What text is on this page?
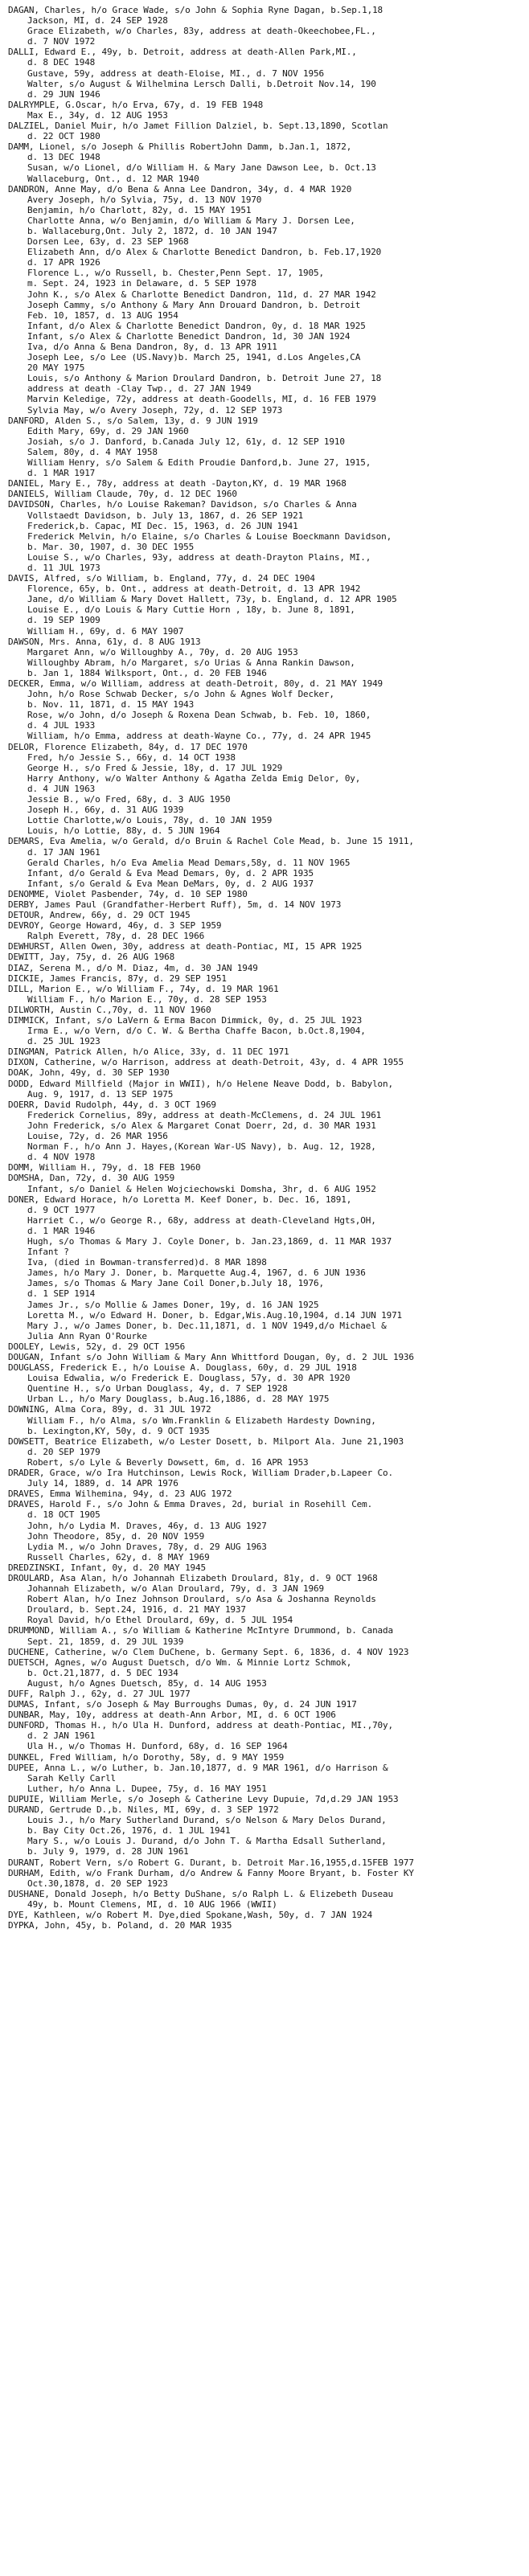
DAGAN, Charles, h/o Grace Wade, s/o John & Sophia Ryne Dagan, b.Sep.1,18
Jackson, MI, d. 24 SEP 1928
Grace Elizabeth, w/o Charles, 83y, address at death-Okeechobee,FL.,
d. 7 NOV 1972
DALLI, Edward E., 49y, b. Detroit, address at death-Allen Park,MI.,
d. 8 DEC 1948
Gustave, 59y, address at death-Eloise, MI., d. 7 NOV 1956
Walter, s/o August & Wilhelmina Lersch Dalli, b.Detroit Nov.14, 190
d. 29 JUN 1946
DALRYMPLE, G.Oscar, h/o Erva, 67y, d. 19 FEB 1948
Max E., 34y, d. 12 AUG 1953
DALZIEL, Daniel Muir, h/o Jamet Fillion Dalziel, b. Sept.13,1890, Scotlan
d. 22 OCT 1980
DAMM, Lionel, s/o Joseph & Phillis RobertJohn Damm, b.Jan.1, 1872,
d. 13 DEC 1948
Susan, w/o Lionel, d/o William H. & Mary Jane Dawson Lee, b. Oct.13
Wallaceburg, Ont., d. 12 MAR 1940
DANDRON, Anne May, d/o Bena & Anna Lee Dandron, 34y, d. 4 MAR 1920
Avery Joseph, h/o Sylvia, 75y, d. 13 NOV 1970
Benjamin, h/o Charlott, 82y, d. 15 MAY 1951
Charlotte Anna, w/o Benjamin, d/o William & Mary J. Dorsen Lee,
b. Wallaceburg,Ont. July 2, 1872, d. 10 JAN 1947
Dorsen Lee, 63y, d. 23 SEP 1968
Elizabeth Ann, d/o Alex & Charlotte Benedict Dandron, b. Feb.17,1920
d. 17 APR 1926
Florence L., w/o Russell, b. Chester,Penn Sept. 17, 1905,
m. Sept. 24, 1923 in Delaware, d. 5 SEP 1978
John K., s/o Alex & Charlotte Benedict Dandron, 11d, d. 27 MAR 1942
Joseph Cammy, s/o Anthony & Mary Ann Drouard Dandron, b. Detroit
Feb. 10, 1857, d. 13 AUG 1954
Infant, d/o Alex & Charlotte Benedict Dandron, 0y, d. 18 MAR 1925
Infant, s/o Alex & Charlotte Benedict Dandron, 1d, 30 JAN 1924
Iva, d/o Anna & Bena Dandron, 8y, d. 13 APR 1911
Joseph Lee, s/o Lee (US.Navy)b. March 25, 1941, d.Los Angeles,CA
20 MAY 1975
Louis, s/o Anthony & Marion Droulard Dandron, b. Detroit June 27, 18
address at death -Clay Twp., d. 27 JAN 1949
Marvin Keledige, 72y, address at death-Goodells, MI, d. 16 FEB 1979
Sylvia May, w/o Avery Joseph, 72y, d. 12 SEP 1973
DANFORD, Alden S., s/o Salem, 13y, d. 9 JUN 1919
Edith Mary, 69y, d. 29 JAN 1960
Josiah, s/o J. Danford, b.Canada July 12, 61y, d. 12 SEP 1910
Salem, 80y, d. 4 MAY 1958
William Henry, s/o Salem & Edith Proudie Danford,b. June 27, 1915,
d. 1 MAR 1917
DANIEL, Mary E., 78y, address at death -Dayton,KY, d. 19 MAR 1968
DANIELS, William Claude, 70y, d. 12 DEC 1960
DAVIDSON, Charles, h/o Louise Rakeman? Davidson, s/o Charles & Anna
Vollstaedt Davidson, b. July 13, 1867, d. 26 SEP 1921
Frederick,b. Capac, MI Dec. 15, 1963, d. 26 JUN 1941
Frederick Melvin, h/o Elaine, s/o Charles & Louise Boeckmann Davidson,
b. Mar. 30, 1907, d. 30 DEC 1955
Louise S., w/o Charles, 93y, address at death-Drayton Plains, MI.,
d. 11 JUL 1973
DAVIS, Alfred, s/o William, b. England, 77y, d. 24 DEC 1904
Florence, 65y, b. Ont., address at death-Detroit, d. 13 APR 1942
Jane, d/o William & Mary Dovet Hallett, 73y, b. England, d. 12 APR 1905
Louise E., d/o Louis & Mary Cuttie Horn , 18y, b. June 8, 1891,
d. 19 SEP 1909
William H., 69y, d. 6 MAY 1907
DAWSON, Mrs. Anna, 61y, d. 8 AUG 1913
Margaret Ann, w/o Willoughby A., 70y, d. 20 AUG 1953
Willoughby Abram, h/o Margaret, s/o Urias & Anna Rankin Dawson,
b. Jan 1, 1884 Wilksport, Ont., d. 20 FEB 1946
DECKER, Emma, w/o William, address at death-Detroit, 80y, d. 21 MAY 1949
John, h/o Rose Schwab Decker, s/o John & Agnes Wolf Decker,
b. Nov. 11, 1871, d. 15 MAY 1943
Rose, w/o John, d/o Joseph & Roxena Dean Schwab, b. Feb. 10, 1860,
d. 4 JUL 1933
William, h/o Emma, address at death-Wayne Co., 77y, d. 24 APR 1945
DELOR, Florence Elizabeth, 84y, d. 17 DEC 1970
Fred, h/o Jessie S., 66y, d. 14 OCT 1938
George H., s/o Fred & Jessie, 18y, d. 17 JUL 1929
Harry Anthony, w/o Walter Anthony & Agatha Zelda Emig Delor, 0y,
d. 4 JUN 1963
Jessie B., w/o Fred, 68y, d. 3 AUG 1950
Joseph H., 66y, d. 31 AUG 1939
Lottie Charlotte,w/o Louis, 78y, d. 10 JAN 1959
Louis, h/o Lottie, 88y, d. 5 JUN 1964
DEMARS, Eva Amelia, w/o Gerald, d/o Bruin & Rachel Cole Mead, b. June 15 1911,
d. 17 JAN 1961
Gerald Charles, h/o Eva Amelia Mead Demars,58y, d. 11 NOV 1965
Infant, d/o Gerald & Eva Mead Demars, 0y, d. 2 APR 1935
Infant, s/o Gerald & Eva Mean DeMars, 0y, d. 2 AUG 1937
DENOMME, Violet Pasbender, 74y, d. 10 SEP 1980
DERBY, James Paul (Grandfather-Herbert Ruff), 5m, d. 14 NOV 1973
DETOUR, Andrew, 66y, d. 29 OCT 1945
DEVROY, George Howard, 46y, d. 3 SEP 1959
Ralph Everett, 78y, d. 28 DEC 1966
DEWHURST, Allen Owen, 30y, address at death-Pontiac, MI, 15 APR 1925
DEWITT, Jay, 75y, d. 26 AUG 1968
DIAZ, Serena M., d/o M. Diaz, 4m, d. 30 JAN 1949
DICKIE, James Francis, 87y, d. 29 SEP 1951
DILL, Marion E., w/o William F., 74y, d. 19 MAR 1961
William F., h/o Marion E., 70y, d. 28 SEP 1953
DILWORTH, Austin C.,70y, d. 11 NOV 1960
DIMMICK, Infant, s/o LaVern & Erma Bacon Dimmick, 0y, d. 25 JUL 1923
Irma E., w/o Vern, d/o C. W. & Bertha Chaffe Bacon, b.Oct.8,1904,
d. 25 JUL 1923
DINGMAN, Patrick Allen, h/o Alice, 33y, d. 11 DEC 1971
DIXON, Catherine, w/o Harrison, address at death-Detroit, 43y, d. 4 APR 1955
DOAK, John, 49y, d. 30 SEP 1930
DODD, Edward Millfield (Major in WWII), h/o Helene Neave Dodd, b. Babylon,
Aug. 9, 1917, d. 13 SEP 1975
DOERR, David Rudolph, 44y, d. 3 OCT 1969
Frederick Cornelius, 89y, address at death-McClemens, d. 24 JUL 1961
John Frederick, s/o Alex & Margaret Conat Doerr, 2d, d. 30 MAR 1931
Louise, 72y, d. 26 MAR 1956
Norman F., h/o Ann J. Hayes,(Korean War-US Navy), b. Aug. 12, 1928,
d. 4 NOV 1978
DOMM, William H., 79y, d. 18 FEB 1960
DOMSHA, Dan, 72y, d. 30 AUG 1959
Infant, s/o Daniel & Helen Wojciechowski Domsha, 3hr, d. 6 AUG 1952
DONER, Edward Horace, h/o Loretta M. Keef Doner, b. Dec. 16, 1891,
d. 9 OCT 1977
Harriet C., w/o George R., 68y, address at death-Cleveland Hgts,OH,
d. 1 MAR 1946
Hugh, s/o Thomas & Mary J. Coyle Doner, b. Jan.23,1869, d. 11 MAR 1937
Infant ?
Iva, (died in Bowman-transferred)d. 8 MAR 1898
James, h/o Mary J. Doner, b. Marquette Aug.4, 1967, d. 6 JUN 1936
James, s/o Thomas & Mary Jane Coil Doner,b.July 18, 1976,
d. 1 SEP 1914
James Jr., s/o Mollie & James Doner, 19y, d. 16 JAN 1925
Loretta M., w/o Edward H. Doner, b. Edgar,Wis.Aug.10,1904, d.14 JUN 1971
Mary J., w/o James Doner, b. Dec.11,1871, d. 1 NOV 1949,d/o Michael &
Julia Ann Ryan O'Rourke
DOOLEY, Lewis, 52y, d. 29 OCT 1956
DOUGAN, Infant s/o John William & Mary Ann Whittford Dougan, 0y, d. 2 JUL 1936
DOUGLASS, Frederick E., h/o Louise A. Douglass, 60y, d. 29 JUL 1918
Louisa Edwalia, w/o Frederick E. Douglass, 57y, d. 30 APR 1920
Quentine H., s/o Urban Douglass, 4y, d. 7 SEP 1928
Urban L., h/o Mary Douglass, b.Aug.16,1886, d. 28 MAY 1975
DOWNING, Alma Cora, 89y, d. 31 JUL 1972
William F., h/o Alma, s/o Wm.Franklin & Elizabeth Hardesty Downing,
b. Lexington,KY, 50y, d. 9 OCT 1935
DOWSETT, Beatrice Elizabeth, w/o Lester Dosett, b. Milport Ala. June 21,1903
d. 20 SEP 1979
Robert, s/o Lyle & Beverly Dowsett, 6m, d. 16 APR 1953
DRADER, Grace, w/o Ira Hutchinson, Lewis Rock, William Drader,b.Lapeer Co.
July 14, 1889, d. 14 APR 1976
DRAVES, Emma Wilhemina, 94y, d. 23 AUG 1972
DRAVES, Harold F., s/o John & Emma Draves, 2d, burial in Rosehill Cem.
d. 18 OCT 1905
John, h/o Lydia M. Draves, 46y, d. 13 AUG 1927
John Theodore, 85y, d. 20 NOV 1959
Lydia M., w/o John Draves, 78y, d. 29 AUG 1963
Russell Charles, 62y, d. 8 MAY 1969
DREDZINSKI, Infant, 0y, d. 20 MAY 1945
DROULARD, Asa Alan, h/o Johannah Elizabeth Droulard, 81y, d. 9 OCT 1968
Johannah Elizabeth, w/o Alan Droulard, 79y, d. 3 JAN 1969
Robert Alan, h/o Inez Johnson Droulard, s/o Asa & Joshanna Reynolds
Droulard, b. Sept.24, 1916, d. 21 MAY 1937
Royal David, h/o Ethel Droulard, 69y, d. 5 JUL 1954
DRUMMOND, William A., s/o William & Katherine McIntyre Drummond, b. Canada
Sept. 21, 1859, d. 29 JUL 1939
DUCHENE, Catherine, w/o Clem DuChene, b. Germany Sept. 6, 1836, d. 4 NOV 1923
DUETSCH, Agnes, w/o August Duetsch, d/o Wm. & Minnie Lortz Schmok,
b. Oct.21,1877, d. 5 DEC 1934
August, h/o Agnes Duetsch, 85y, d. 14 AUG 1953
DUFF, Ralph J., 62y, d. 27 JUL 1977
DUMAS, Infant, s/o Joseph & May Burroughs Dumas, 0y, d. 24 JUN 1917
DUNBAR, May, 10y, address at death-Ann Arbor, MI, d. 6 OCT 1906
DUNFORD, Thomas H., h/o Ula H. Dunford, address at death-Pontiac, MI.,70y,
d. 2 JAN 1961
Ula H., w/o Thomas H. Dunford, 68y, d. 16 SEP 1964
DUNKEL, Fred William, h/o Dorothy, 58y, d. 9 MAY 1959
DUPEE, Anna L., w/o Luther, b. Jan.10,1877, d. 9 MAR 1961, d/o Harrison &
Sarah Kelly Carll
Luther, h/o Anna L. Dupee, 75y, d. 16 MAY 1951
DUPUIE, William Merle, s/o Joseph & Catherine Levy Dupuie, 7d,d.29 JAN 1953
DURAND, Gertrude D.,b. Niles, MI, 69y, d. 3 SEP 1972
Louis J., h/o Mary Sutherland Durand, s/o Nelson & Mary Delos Durand,
b. Bay City Oct.26, 1976, d. 1 JUL 1941
Mary S., w/o Louis J. Durand, d/o John T. & Martha Edsall Sutherland,
b. July 9, 1979, d. 28 JUN 1961
DURANT, Robert Vern, s/o Robert G. Durant, b. Detroit Mar.16,1955,d.15FEB 1977
DURHAM, Edith, w/o Frank Durham, d/o Andrew & Fanny Moore Bryant, b. Foster KY
Oct.30,1878, d. 20 SEP 1923
DUSHANE, Donald Joseph, h/o Betty DuShane, s/o Ralph L. & Elizebeth Duseau
49y, b. Mount Clemens, MI, d. 10 AUG 1966 (WWII)
DYE, Kathleen, w/o Robert M. Dye,died Spokane,Wash, 50y, d. 7 JAN 1924
DYPKA, John, 45y, b. Poland, d. 20 MAR 1935
